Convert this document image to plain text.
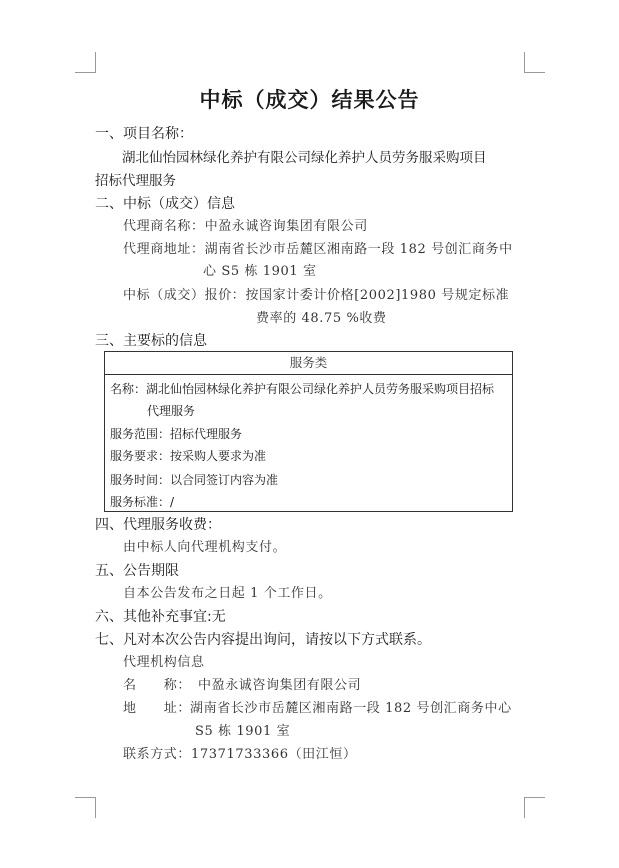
中标（成交）结果公告
一、项目名称：
湖北仙怡园林绿化养护有限公司绿化养护人员劳务服采购项目
招标代理服务
二、中标（成交）信息
代理商名称：中盈永诚咨询集团有限公司
代理商地址：湖南省长沙市岳麓区湘南路一段 182 号创汇商务中
心 S5 栋 1901 室
中标（成交）报价：按国家计委计价格[2002]1980 号规定标准
费率的 48.75 %收费
三、主要标的信息
服务类
名称：湖北仙怡园林绿化养护有限公司绿化养护人员劳务服采购项目招标
代理服务
服务范围：招标代理服务
服务要求：按采购人要求为准
服务时间：以合同签订内容为准
服务标准：/
四、代理服务收费：
由中标人向代理机构支付。
五、公告期限
自本公告发布之日起 1 个工作日。
六、其他补充事宜:无
七、凡对本次公告内容提出询问，请按以下方式联系。
代理机构信息
名　　称： 中盈永诚咨询集团有限公司
地　　址：
湖南省长沙市岳麓区湘南路一段 182 号创汇商务中心
S5 栋 1901 室
联系方式：17371733366（田江恒）
